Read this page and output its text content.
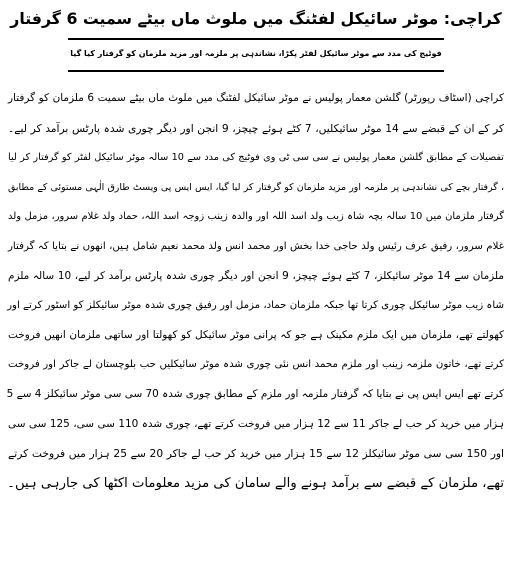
کراچی: موٹر سائیکل لفٹنگ میں ملوث ماں بیٹے سمیت 6 گرفتار
فوٹیج کی مدد سے موٹر سائیکل لفٹر پکڑا، نشاندہی پر ملزمہ اور مزید ملزمان کو گرفتار کیا گیا
کراچی (اسٹاف رپورٹر) گلشن معمار پولیس نے موٹر سائیکل لفٹنگ میں ملوث ماں بیٹے سمیت 6 ملزمان کو گرفتار
کر کے ان کے قبضے سے 14 موٹر سائیکلیں، 7 کٹے ہوئے چیچز، 9 انجن اور دیگر چوری شدہ پارٹس برآمد کر لیے۔
تفصیلات کے مطابق گلشن معمار پولیس نے سی سی ٹی وی فوٹیج کی مدد سے 10 سالہ موٹر سائیکل لفٹر کو گرفتار کر لیا
، گرفتار بچے کی نشاندہی پر ملزمہ اور مزید ملزمان کو گرفتار کر لیا گیا، ایس ایس پی ویسٹ طارق الٰہی مستوئی کے مطابق
گرفتار ملزمان میں 10 سالہ بچہ شاہ زیب ولد اسد اللہ اور والدہ زینب زوجہ اسد اللہ، حماد ولد غلام سرور، مزمل ولد
غلام سرور، رفیق عرف رئیس ولد حاجی خدا بخش اور محمد انس ولد محمد نعیم شامل ہیں، انھوں نے بتایا کہ گرفتار
ملزمان سے 14 موٹر سائیکلز، 7 کٹے ہوئے چیچز، 9 انجن اور دیگر چوری شدہ پارٹس برآمد کر لیے، 10 سالہ ملزم
شاہ زیب موٹر سائیکل چوری کرتا تھا جبکہ ملزمان حماد، مزمل اور رفیق چوری شدہ موٹر سائیکلز کو اسٹور کرتے اور
کھولتے تھے، ملزمان میں ایک ملزم مکینک ہے جو کہ پرانی موٹر سائیکل کو کھولتا اور ساتھی ملزمان انھیں فروخت
کرتے تھے، خاتون ملزمہ زینب اور ملزم محمد انس نئی چوری شدہ موٹر سائیکلیں حب بلوچستان لے جاکر اور فروخت
کرتے تھے ایس ایس پی نے بتایا کہ گرفتار ملزمہ اور ملزم کے مطابق چوری شدہ 70 سی سی موٹر سائیکلز 4 سے 5
ہزار میں خرید کر حب لے جاکر 11 سے 12 ہزار میں فروخت کرتے تھے، چوری شدہ 110 سی سی، 125 سی سی
اور 150 سی سی موٹر سائیکلز 12 سے 15 ہزار میں خرید کر حب لے جاکر 20 سے 25 ہزار میں فروخت کرتے
تھے، ملزمان کے قبضے سے برآمد ہونے والے سامان کی مزید معلومات اکٹھا کی جارہی ہیں۔
